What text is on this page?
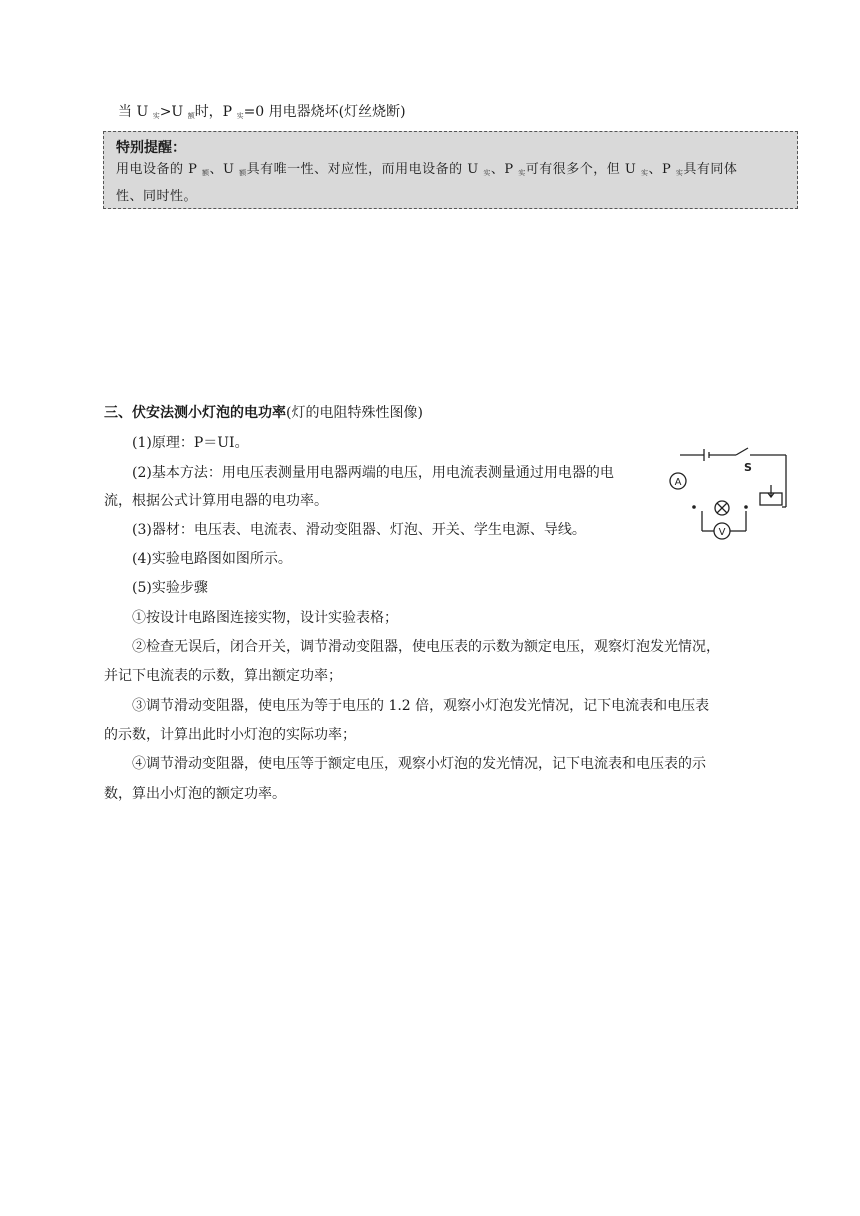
当 U $_实$>U $_额$时，P $_实$=0 用电器烧坏(灯丝烧断)
特别提醒：
用电设备的 P $_额$、U $_额$具有唯一性、对应性，而用电设备的 U $_实$、P $_实$可有很多个，但 U $_实$、P $_实$具有同体
性、同时性。
三、伏安法测小灯泡的电功率(灯的电阻特殊性图像)
(1)原理：P＝UI。
(2)基本方法：用电压表测量用电器两端的电压，用电流表测量通过用电器的电
流，根据公式计算用电器的电功率。
(3)器材：电压表、电流表、滑动变阻器、灯泡、开关、学生电源、导线。
(4)实验电路图如图所示。
(5)实验步骤
①按设计电路图连接实物，设计实验表格；
②检查无误后，闭合开关，调节滑动变阻器，使电压表的示数为额定电压，观察灯泡发光情况，
并记下电流表的示数，算出额定功率；
③调节滑动变阻器，使电压为等于电压的 1.2 倍，观察小灯泡发光情况，记下电流表和电压表
的示数，计算出此时小灯泡的实际功率；
④调节滑动变阻器，使电压等于额定电压，观察小灯泡的发光情况，记下电流表和电压表的示
数，算出小灯泡的额定功率。
S
A
V
